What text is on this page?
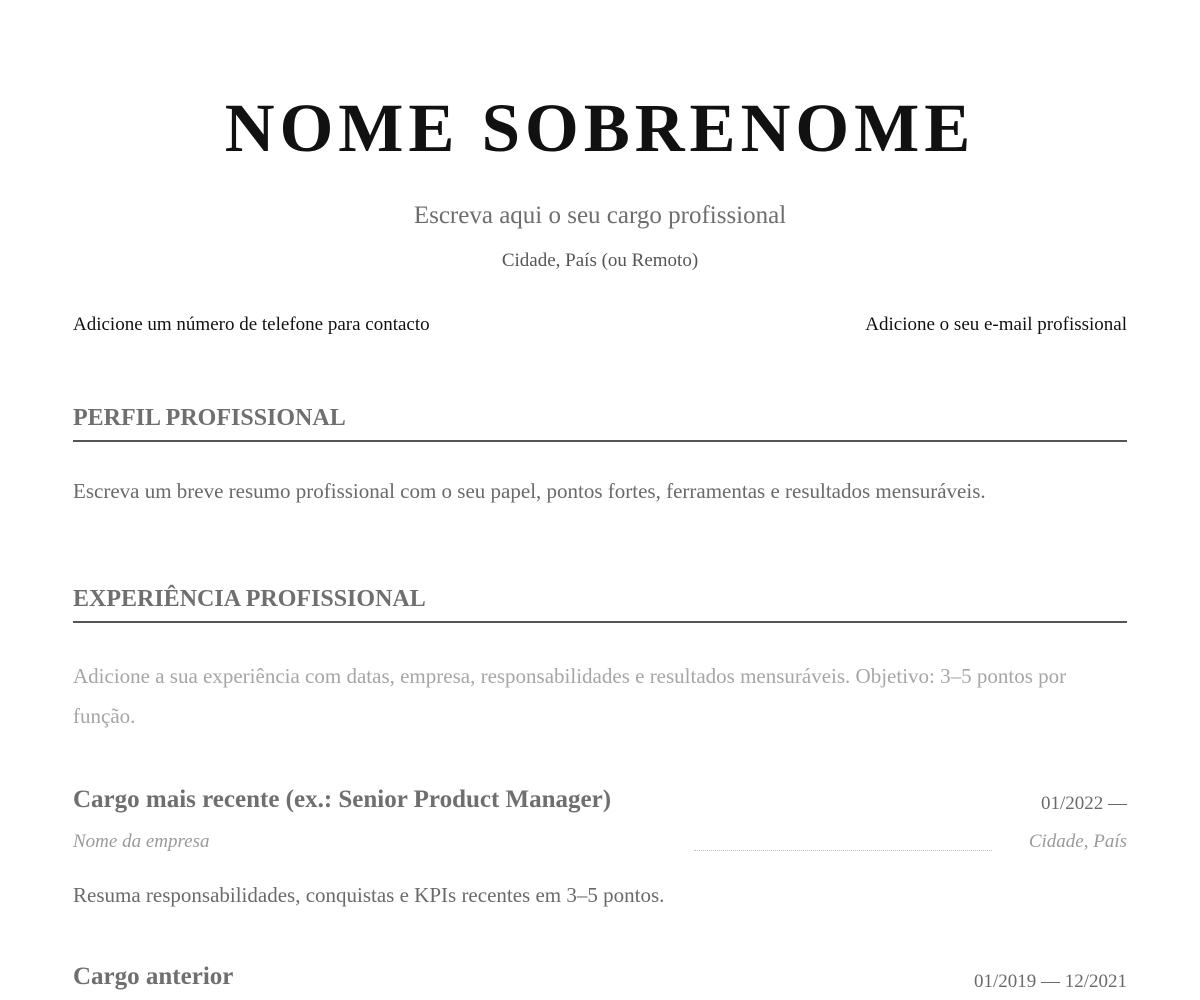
NOME SOBRENOME
Escreva aqui o seu cargo profissional
Cidade, País (ou Remoto)
Adicione um número de telefone para contacto	Adicione o seu e-mail profissional
PERFIL PROFISSIONAL
Escreva um breve resumo profissional com o seu papel, pontos fortes, ferramentas e resultados mensuráveis.
EXPERIÊNCIA PROFISSIONAL
Adicione a sua experiência com datas, empresa, responsabilidades e resultados mensuráveis. Objetivo: 3–5 pontos por função.
Cargo mais recente (ex.: Senior Product Manager)	01/2022 —
Nome da empresa	Cidade, País
Resuma responsabilidades, conquistas e KPIs recentes em 3–5 pontos.
Cargo anterior	01/2019 — 12/2021
